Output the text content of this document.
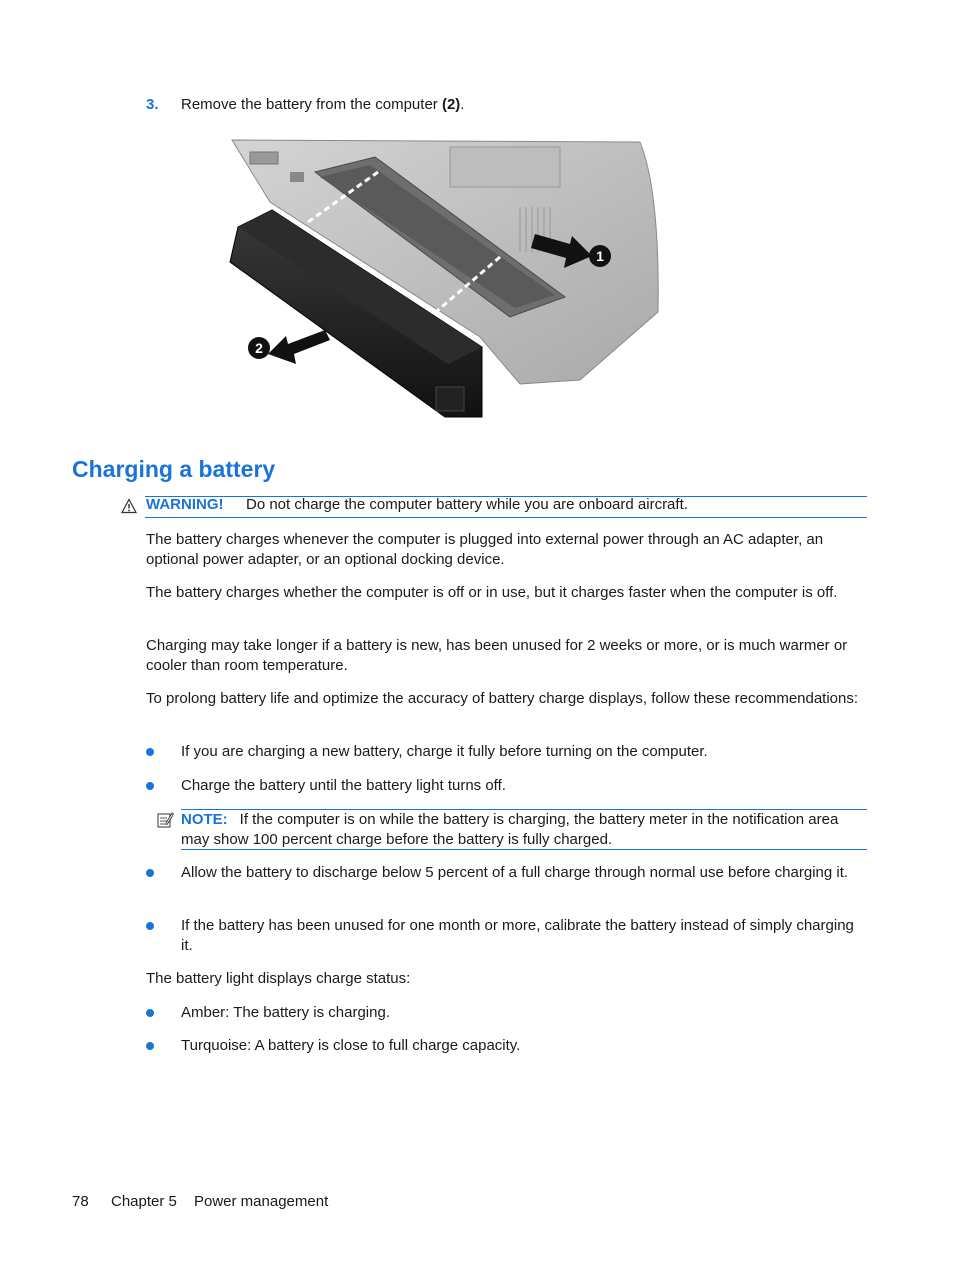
3. Remove the battery from the computer (2).
1
2
Charging a battery
WARNING! Do not charge the computer battery while you are onboard aircraft.

The battery charges whenever the computer is plugged into external power through an AC adapter, an optional power adapter, or an optional docking device.

The battery charges whether the computer is off or in use, but it charges faster when the computer is off.

Charging may take longer if a battery is new, has been unused for 2 weeks or more, or is much warmer or cooler than room temperature.

To prolong battery life and optimize the accuracy of battery charge displays, follow these recommendations:

If you are charging a new battery, charge it fully before turning on the computer.

Charge the battery until the battery light turns off.

NOTE: If the computer is on while the battery is charging, the battery meter in the notification area may show 100 percent charge before the battery is fully charged.

Allow the battery to discharge below 5 percent of a full charge through normal use before charging it.

If the battery has been unused for one month or more, calibrate the battery instead of simply charging it.

The battery light displays charge status:

Amber: The battery is charging.

Turquoise: A battery is close to full charge capacity.

78 Chapter 5 Power management
